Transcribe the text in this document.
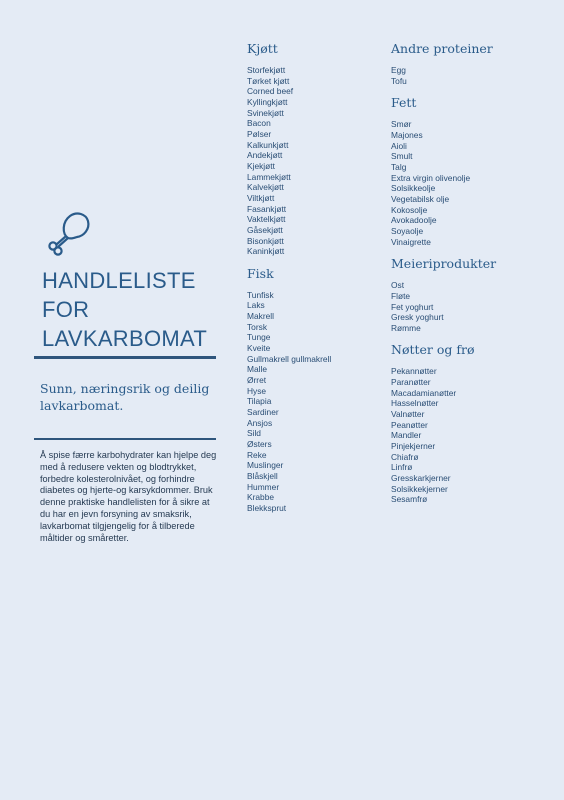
HANDLELISTE FOR LAVKARBOMAT
Sunn, næringsrik og deilig lavkarbomat.
Å spise færre karbohydrater kan hjelpe deg med å redusere vekten og blodtrykket, forbedre kolesterolnivået, og forhindre diabetes og hjerte-og karsykdommer. Bruk denne praktiske handlelisten for å sikre at du har en jevn forsyning av smaksrik, lavkarbomat tilgjengelig for å tilberede måltider og småretter.
Kjøtt
Storfekjøtt
Tørket kjøtt
Corned beef
Kyllingkjøtt
Svinekjøtt
Bacon
Pølser
Kalkunkjøtt
Andekjøtt
Kjekjøtt
Lammekjøtt
Kalvekjøtt
Viltkjøtt
Fasankjøtt
Vaktelkjøtt
Gåsekjøtt
Bisonkjøtt
Kaninkjøtt
Fisk
Tunfisk
Laks
Makrell
Torsk
Tunge
Kveite
Gullmakrell gullmakrell
Malle
Ørret
Hyse
Tilapia
Sardiner
Ansjos
Sild
Østers
Reke
Muslinger
Blåskjell
Hummer
Krabbe
Blekksprut
Andre proteiner
Egg
Tofu
Fett
Smør
Majones
Aioli
Smult
Talg
Extra virgin olivenolje
Solsikkeolje
Vegetabilsk olje
Kokosolje
Avokadoolje
Soyaolje
Vinaigrette
Meieriprodukter
Ost
Fløte
Fet yoghurt
Gresk yoghurt
Rømme
Nøtter og frø
Pekannøtter
Paranøtter
Macadamianøtter
Hasselnøtter
Valnøtter
Peanøtter
Mandler
Pinjekjerner
Chiafrø
Linfrø
Gresskarkjerner
Solsikkekjerner
Sesamfrø
